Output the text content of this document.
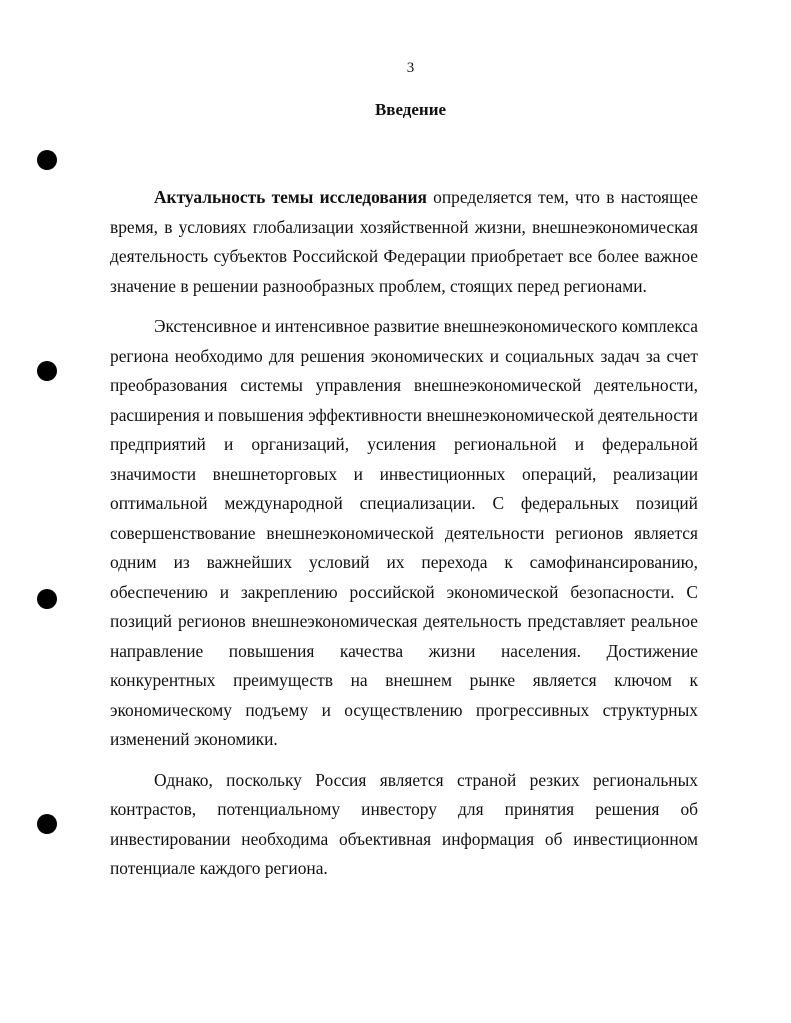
3
Введение

Актуальность темы исследования определяется тем, что в настоящее время, в условиях глобализации хозяйственной жизни, внешнеэкономическая деятельность субъектов Российской Федерации приобретает все более важное значение в решении разнообразных проблем, стоящих перед регионами.

Экстенсивное и интенсивное развитие внешнеэкономического комплекса региона необходимо для решения экономических и социальных задач за счет преобразования системы управления внешнеэкономической деятельности, расширения и повышения эффективности внешнеэкономической деятельности предприятий и организаций, усиления региональной и федеральной значимости внешнеторговых и инвестиционных операций, реализации оптимальной международной специализации. С федеральных позиций совершенствование внешнеэкономической деятельности регионов является одним из важнейших условий их перехода к самофинансированию, обеспечению и закреплению российской экономической безопасности. С позиций регионов внешнеэкономическая деятельность представляет реальное направление повышения качества жизни населения. Достижение конкурентных преимуществ на внешнем рынке является ключом к экономическому подъему и осуществлению прогрессивных структурных изменений экономики.

Однако, поскольку Россия является страной резких региональных контрастов, потенциальному инвестору для принятия решения об инвестировании необходима объективная информация об инвестиционном потенциале каждого региона.
